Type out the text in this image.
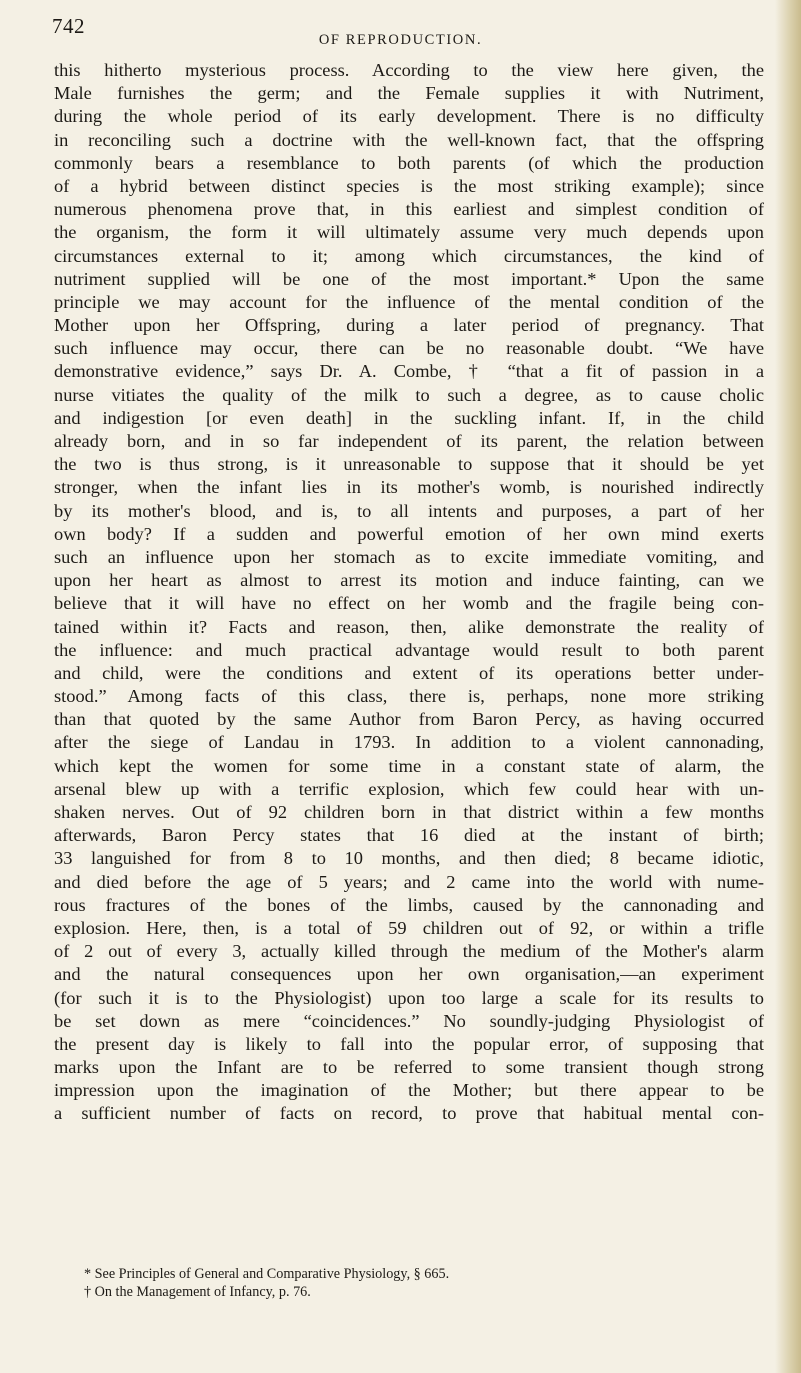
742
OF REPRODUCTION.
this hitherto mysterious process. According to the view here given, the
Male furnishes the germ; and the Female supplies it with Nutriment,
during the whole period of its early development. There is no difficulty
in reconciling such a doctrine with the well-known fact, that the offspring
commonly bears a resemblance to both parents (of which the production
of a hybrid between distinct species is the most striking example); since
numerous phenomena prove that, in this earliest and simplest condition of
the organism, the form it will ultimately assume very much depends upon
circumstances external to it; among which circumstances, the kind of
nutriment supplied will be one of the most important.* Upon the same
principle we may account for the influence of the mental condition of the
Mother upon her Offspring, during a later period of pregnancy. That
such influence may occur, there can be no reasonable doubt. “We have
demonstrative evidence,” says Dr. A. Combe, † “that a fit of passion in a
nurse vitiates the quality of the milk to such a degree, as to cause cholic
and indigestion [or even death] in the suckling infant. If, in the child
already born, and in so far independent of its parent, the relation between
the two is thus strong, is it unreasonable to suppose that it should be yet
stronger, when the infant lies in its mother's womb, is nourished indirectly
by its mother's blood, and is, to all intents and purposes, a part of her
own body? If a sudden and powerful emotion of her own mind exerts
such an influence upon her stomach as to excite immediate vomiting, and
upon her heart as almost to arrest its motion and induce fainting, can we
believe that it will have no effect on her womb and the fragile being con-
tained within it? Facts and reason, then, alike demonstrate the reality of
the influence: and much practical advantage would result to both parent
and child, were the conditions and extent of its operations better under-
stood.” Among facts of this class, there is, perhaps, none more striking
than that quoted by the same Author from Baron Percy, as having occurred
after the siege of Landau in 1793. In addition to a violent cannonading,
which kept the women for some time in a constant state of alarm, the
arsenal blew up with a terrific explosion, which few could hear with un-
shaken nerves. Out of 92 children born in that district within a few months
afterwards, Baron Percy states that 16 died at the instant of birth;
33 languished for from 8 to 10 months, and then died; 8 became idiotic,
and died before the age of 5 years; and 2 came into the world with nume-
rous fractures of the bones of the limbs, caused by the cannonading and
explosion. Here, then, is a total of 59 children out of 92, or within a trifle
of 2 out of every 3, actually killed through the medium of the Mother's alarm
and the natural consequences upon her own organisation,—an experiment
(for such it is to the Physiologist) upon too large a scale for its results to
be set down as mere “coincidences.” No soundly-judging Physiologist of
the present day is likely to fall into the popular error, of supposing that
marks upon the Infant are to be referred to some transient though strong
impression upon the imagination of the Mother; but there appear to be
a sufficient number of facts on record, to prove that habitual mental con-
* See Principles of General and Comparative Physiology, § 665.
† On the Management of Infancy, p. 76.
